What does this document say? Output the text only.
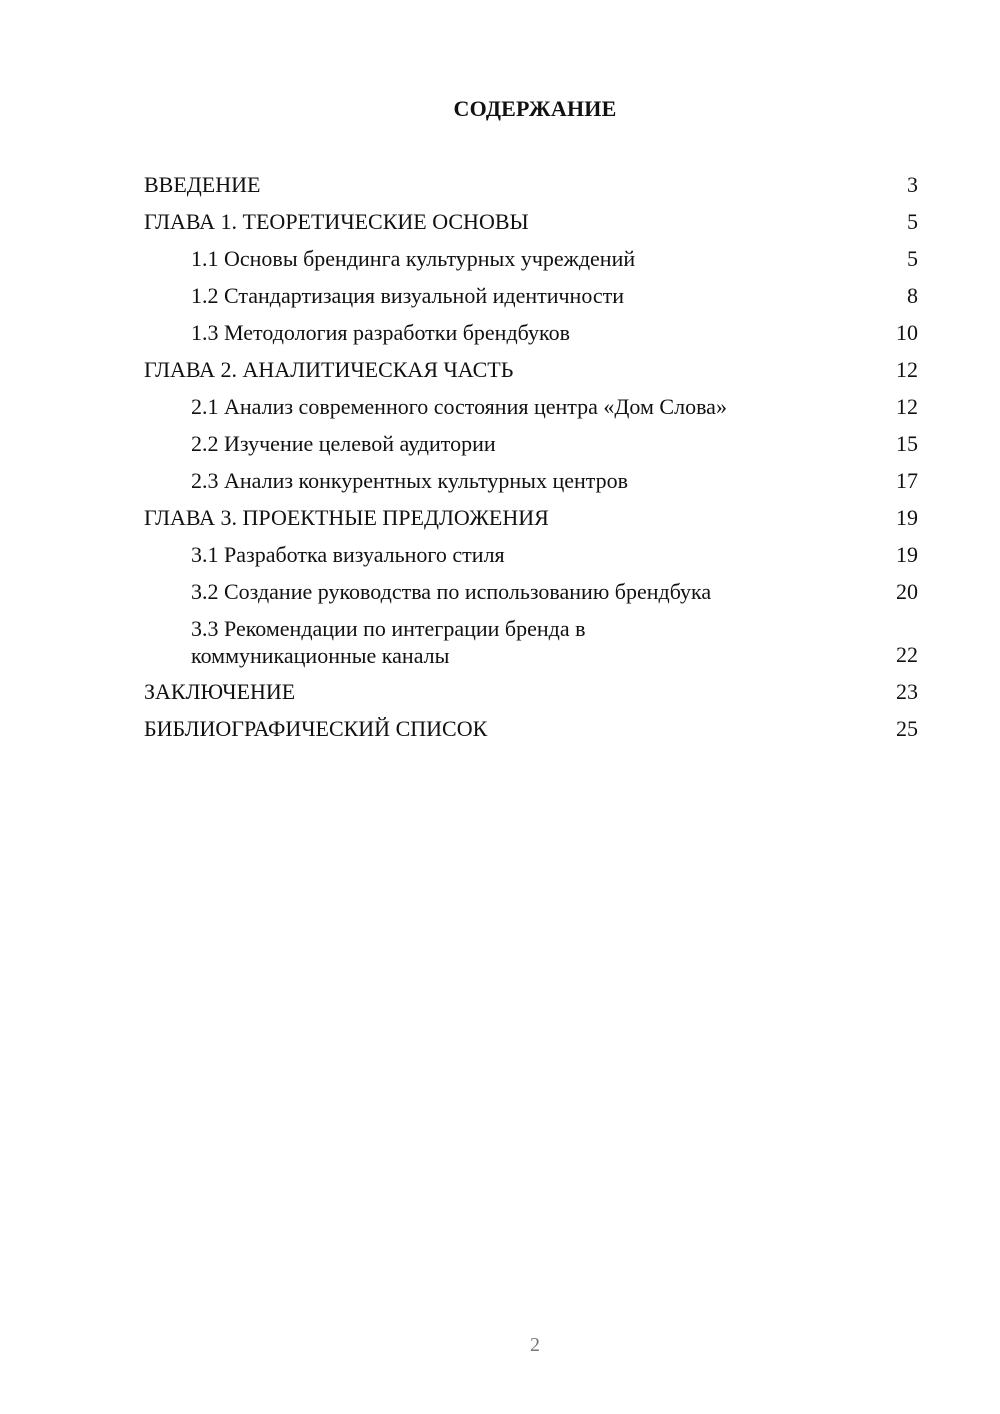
СОДЕРЖАНИЕ
ВВЕДЕНИЕ	3
ГЛАВА 1. ТЕОРЕТИЧЕСКИЕ ОСНОВЫ	5
1.1 Основы брендинга культурных учреждений	5
1.2 Стандартизация визуальной идентичности	8
1.3 Методология разработки брендбуков	10
ГЛАВА 2. АНАЛИТИЧЕСКАЯ ЧАСТЬ	12
2.1 Анализ современного состояния центра «Дом Слова»	12
2.2 Изучение целевой аудитории	15
2.3 Анализ конкурентных культурных центров	17
ГЛАВА 3. ПРОЕКТНЫЕ ПРЕДЛОЖЕНИЯ	19
3.1 Разработка визуального стиля	19
3.2 Создание руководства по использованию брендбука	20
3.3 Рекомендации по интеграции бренда в
коммуникационные каналы	22
ЗАКЛЮЧЕНИЕ	23
БИБЛИОГРАФИЧЕСКИЙ СПИСОК	25
2
